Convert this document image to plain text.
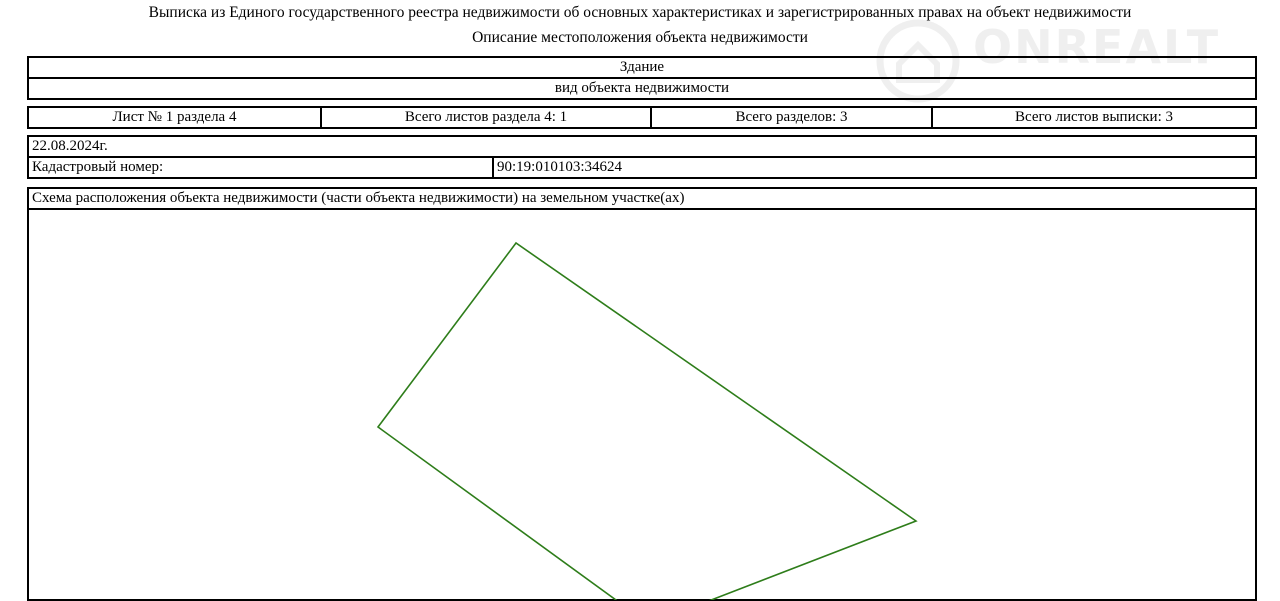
Выписка из Единого государственного реестра недвижимости об основных характеристиках и зарегистрированных правах на объект недвижимости
Описание местоположения объекта недвижимости	ONREALT
Здание
вид объекта недвижимости
Лист № 1 раздела 4	Всего листов раздела 4: 1	Всего разделов: 3	Всего листов выписки: 3
22.08.2024г.
Кадастровый номер:	90:19:010103:34624
Схема расположения объекта недвижимости (части объекта недвижимости) на земельном участке(ах)
